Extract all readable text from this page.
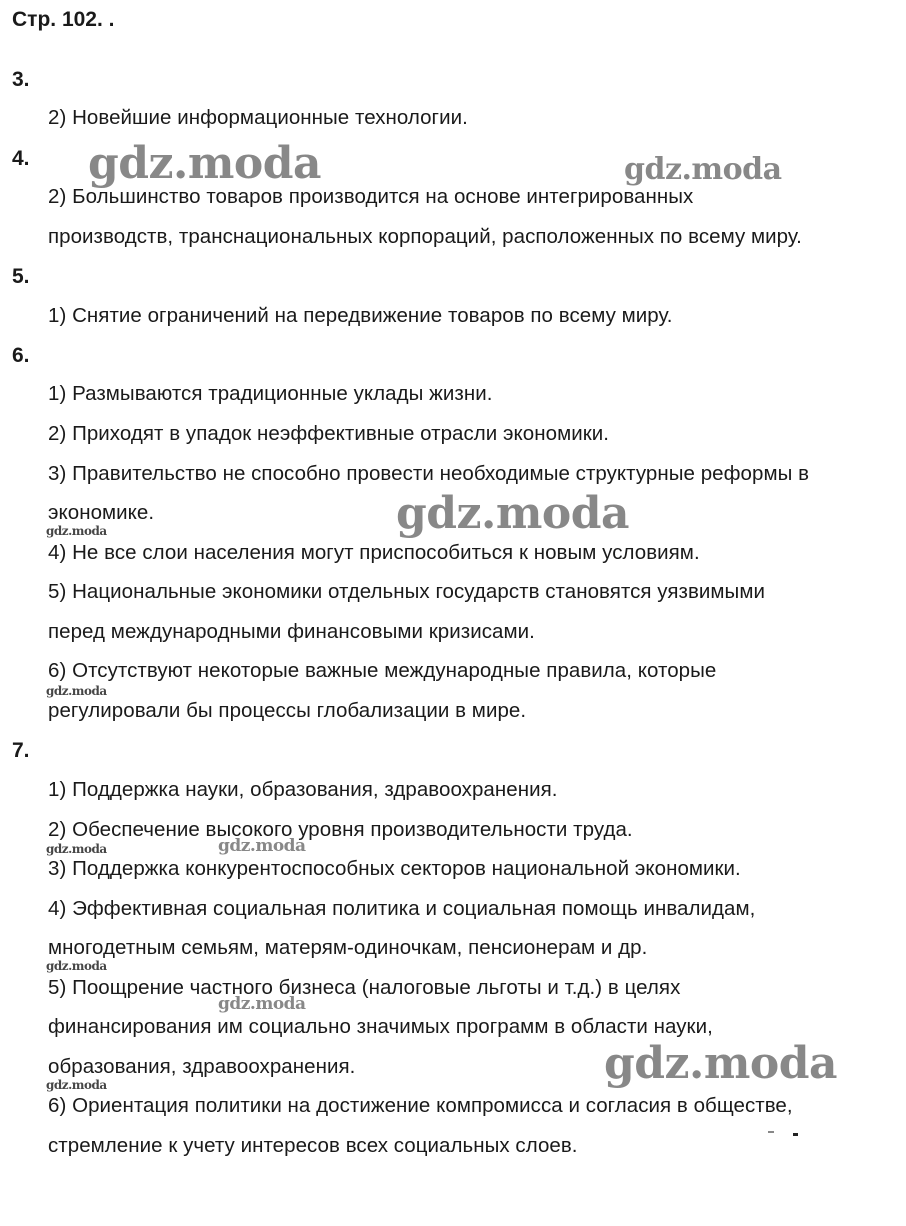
Стр. 102. .
3.
2) Новейшие информационные технологии.
4.
2) Большинство товаров производится на основе интегрированных
производств, транснациональных корпораций, расположенных по всему миру.
5.
1) Снятие ограничений на передвижение товаров по всему миру.
6.
1) Размываются традиционные уклады жизни.
2) Приходят в упадок неэффективные отрасли экономики.
3) Правительство не способно провести необходимые структурные реформы в
экономике.
4) Не все слои населения могут приспособиться к новым условиям.
5) Национальные экономики отдельных государств становятся уязвимыми
перед международными финансовыми кризисами.
6) Отсутствуют некоторые важные международные правила, которые
регулировали бы процессы глобализации в мире.
7.
1) Поддержка науки, образования, здравоохранения.
2) Обеспечение высокого уровня производительности труда.
3) Поддержка конкурентоспособных секторов национальной экономики.
4) Эффективная социальная политика и социальная помощь инвалидам,
многодетным семьям, матерям-одиночкам, пенсионерам и др.
5) Поощрение частного бизнеса (налоговые льготы и т.д.) в целях
финансирования им социально значимых программ в области науки,
образования, здравоохранения.
6) Ориентация политики на достижение компромисса и согласия в обществе,
стремление к учету интересов всех социальных слоев.
gdz.moda	gdz.moda
gdz.moda
gdz.moda
gdz.moda
gdz.moda	gdz.moda
gdz.moda
gdz.moda
gdz.moda	gdz.moda
